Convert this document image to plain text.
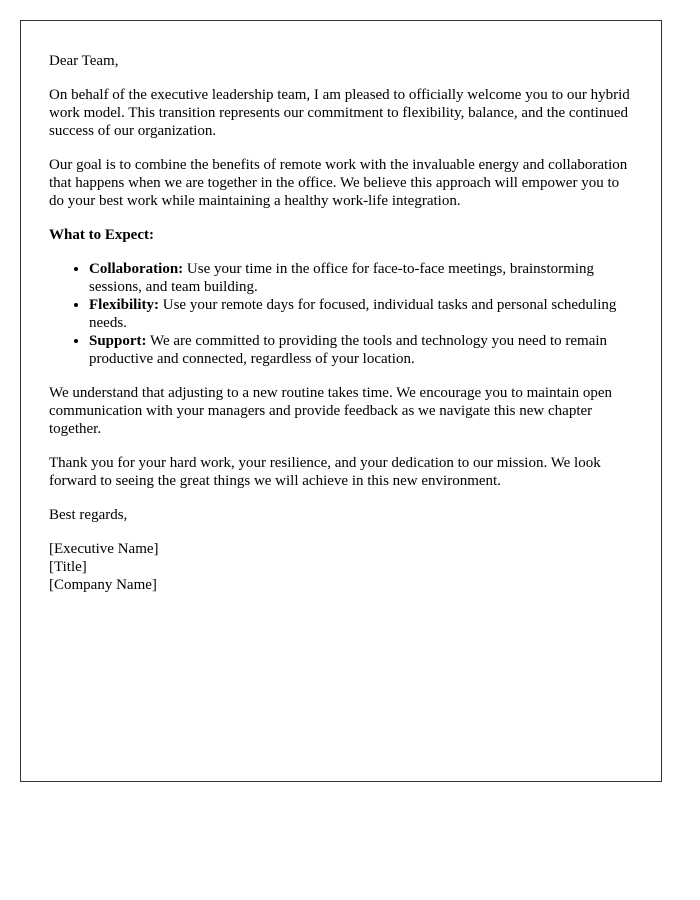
Dear Team,

On behalf of the executive leadership team, I am pleased to officially welcome you to our hybrid work model. This transition represents our commitment to flexibility, balance, and the continued success of our organization.

Our goal is to combine the benefits of remote work with the invaluable energy and collaboration that happens when we are together in the office. We believe this approach will empower you to do your best work while maintaining a healthy work-life integration.

What to Expect:

• Collaboration: Use your time in the office for face-to-face meetings, brainstorming sessions, and team building.
• Flexibility: Use your remote days for focused, individual tasks and personal scheduling needs.
• Support: We are committed to providing the tools and technology you need to remain productive and connected, regardless of your location.

We understand that adjusting to a new routine takes time. We encourage you to maintain open communication with your managers and provide feedback as we navigate this new chapter together.

Thank you for your hard work, your resilience, and your dedication to our mission. We look forward to seeing the great things we will achieve in this new environment.

Best regards,

[Executive Name]
[Title]
[Company Name]
